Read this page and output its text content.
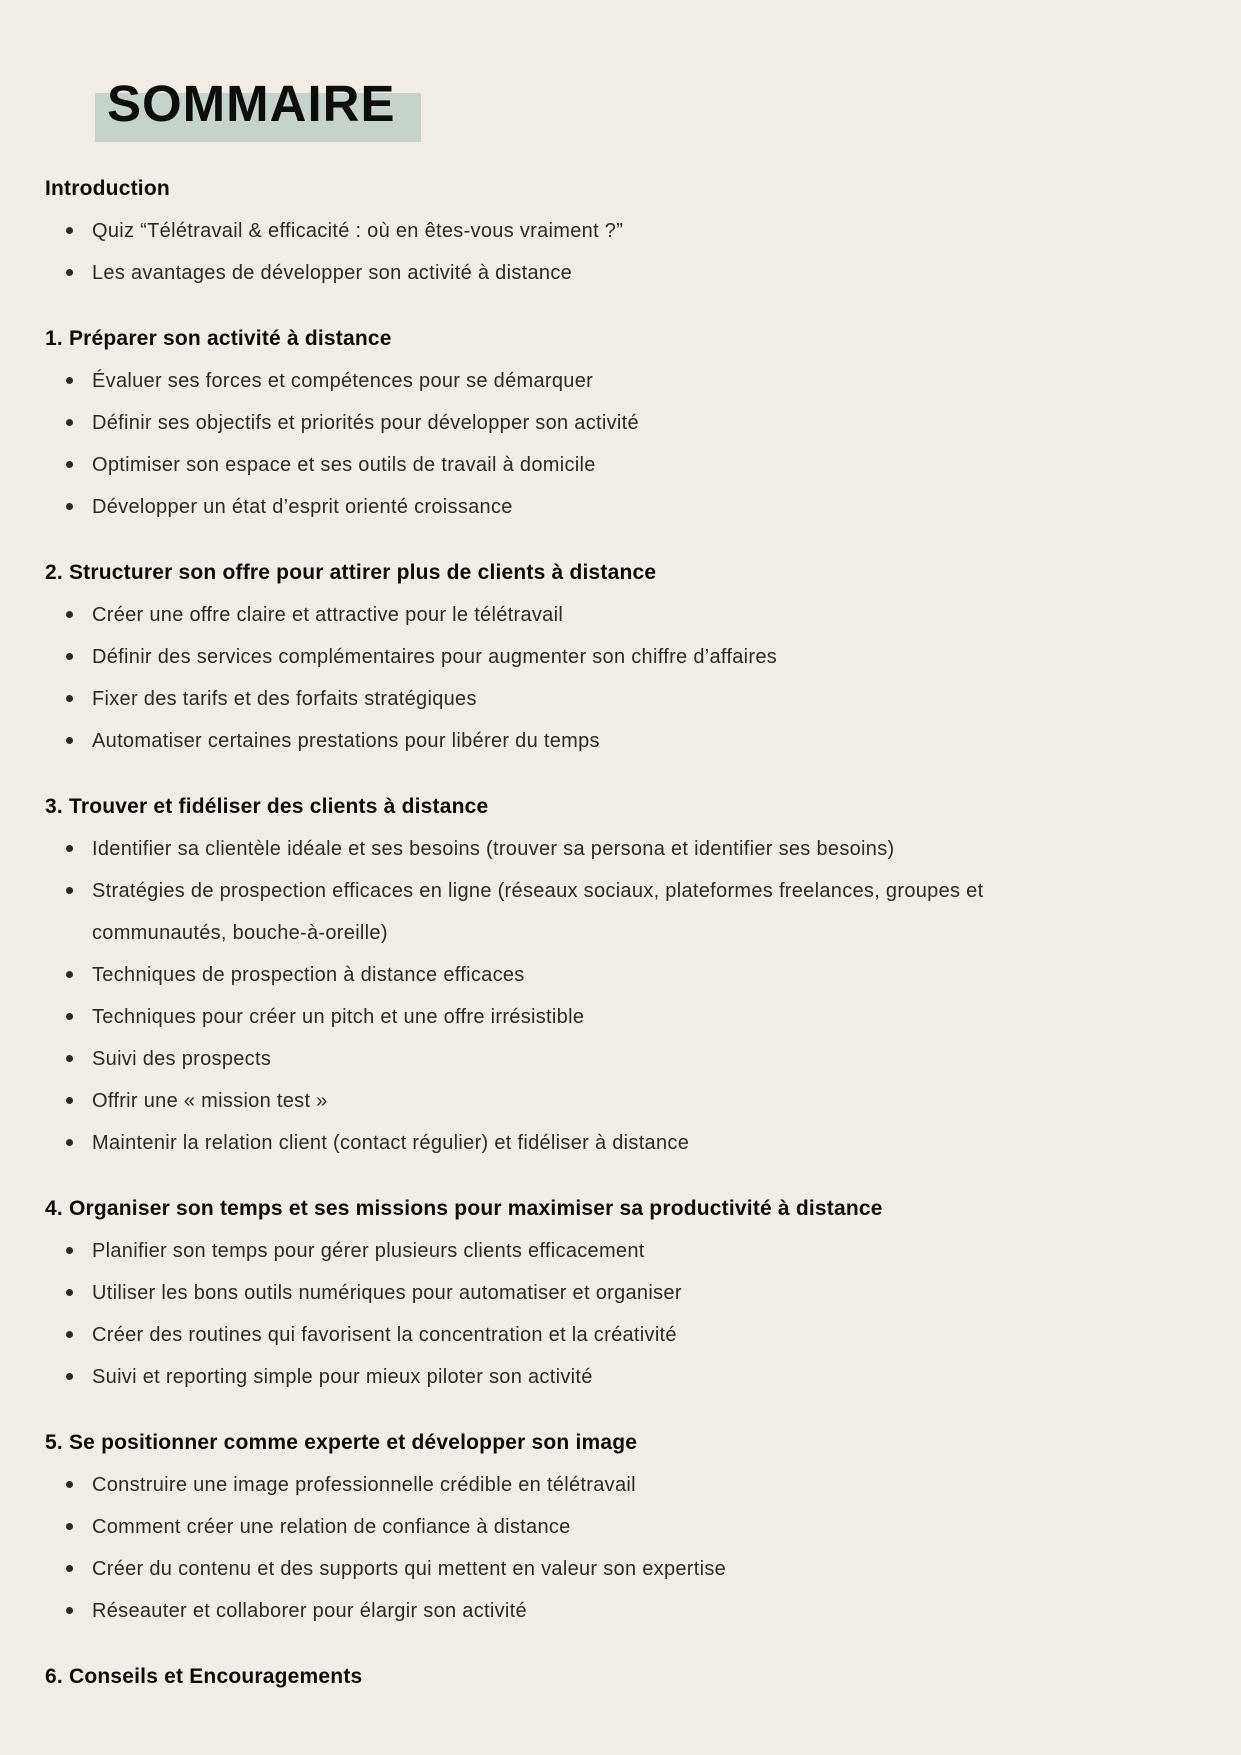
SOMMAIRE
Introduction
Quiz “Télétravail & efficacité : où en êtes-vous vraiment ?”
Les avantages de développer son activité à distance
1. Préparer son activité à distance
Évaluer ses forces et compétences pour se démarquer
Définir ses objectifs et priorités pour développer son activité
Optimiser son espace et ses outils de travail à domicile
Développer un état d’esprit orienté croissance
2. Structurer son offre pour attirer plus de clients à distance
Créer une offre claire et attractive pour le télétravail
Définir des services complémentaires pour augmenter son chiffre d’affaires
Fixer des tarifs et des forfaits stratégiques
Automatiser certaines prestations pour libérer du temps
3. Trouver et fidéliser des clients à distance
Identifier sa clientèle idéale et ses besoins (trouver sa persona et identifier ses besoins)
Stratégies de prospection efficaces en ligne (réseaux sociaux, plateformes freelances, groupes et communautés, bouche-à-oreille)
Techniques de prospection à distance efficaces
Techniques pour créer un pitch et une offre irrésistible
Suivi des prospects
Offrir une « mission test »
Maintenir la relation client (contact régulier) et fidéliser à distance
4. Organiser son temps et ses missions pour maximiser sa productivité à distance
Planifier son temps pour gérer plusieurs clients efficacement
Utiliser les bons outils numériques pour automatiser et organiser
Créer des routines qui favorisent la concentration et la créativité
Suivi et reporting simple pour mieux piloter son activité
5. Se positionner comme experte et développer son image
Construire une image professionnelle crédible en télétravail
Comment créer une relation de confiance à distance
Créer du contenu et des supports qui mettent en valeur son expertise
Réseauter et collaborer pour élargir son activité
6. Conseils et Encouragements
